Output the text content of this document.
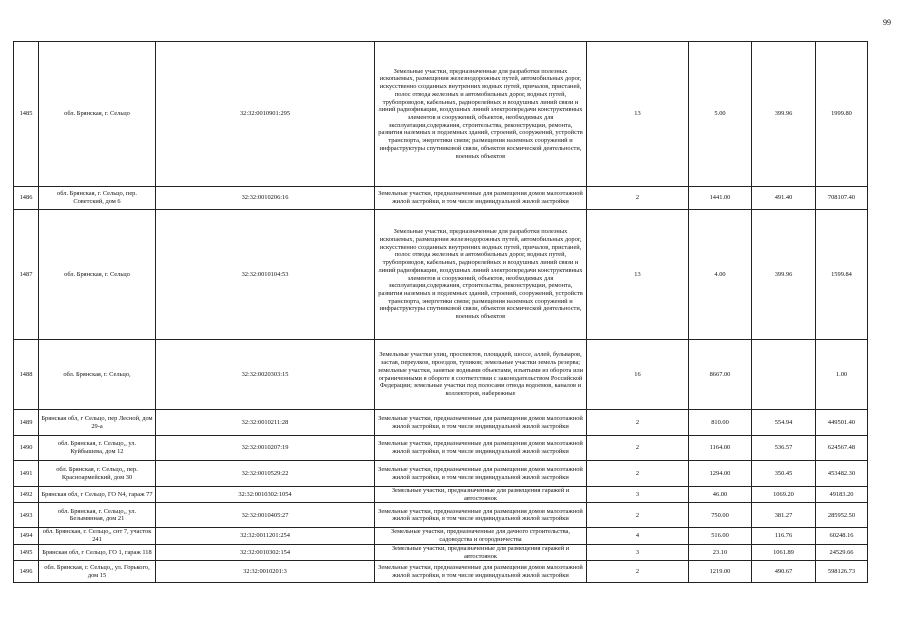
99
1485	обл. Брянская, г. Сельцо	32:32:0010901:295	Земельные участки, предназначенные для разработки полезных ископаемых, размещения железнодорожных путей, автомобильных дорог, искусственно созданных внутренних водных путей, причалов, пристаней, полос отвода железных и автомобильных дорог, водных путей, трубопроводов, кабельных, радиорелейных и воздушных линий связи и линий радиофикации, воздушных линий электропередачи конструктивных элементов и сооружений, объектов, необходимых для эксплуатации,содержания, строительства, реконструкции, ремонта, развития наземных и подземных зданий, строений, сооружений, устройств транспорта, энергетики связи; размещения наземных сооружений и инфраструктуры спутниковой связи, объектов космической деятельности, военных объектов	13	5.00	399.96	1999.80
1486	обл. Брянская, г. Сельцо, пер. Советский, дом 6	32:32:0010206:16	Земельные участки, предназначенные для размещения домов малоэтажной жилой застройки, в том числе индивидуальной жилой застройки	2	1441.00	491.40	708107.40
1487	обл. Брянская, г. Сельцо	32:32:0010104:53	Земельные участки, предназначенные для разработки полезных ископаемых, размещения железнодорожных путей, автомобильных дорог, искусственно созданных внутренних водных путей, причалов, пристаней, полос отвода железных и автомобильных дорог, водных путей, трубопроводов, кабельных, радиорелейных и воздушных линий связи и линий радиофикации, воздушных линий электропередачи конструктивных элементов и сооружений, объектов, необходимых для эксплуатации,содержания, строительства, реконструкции, ремонта, развития наземных и подземных зданий, строений, сооружений, устройств транспорта, энергетики связи; размещения наземных сооружений и инфраструктуры спутниковой связи, объектов космической деятельности, военных объектов	13	4.00	399.96	1599.84
1488	обл. Брянская, г. Сельцо,	32:32:0020303:15	Земельные участки улиц, проспектов, площадей, шоссе, аллей, бульваров, застав, переулков, проездов, тупиков; земельные участки земель резерва; земельные участки, занятые водными объектами, изъятыми из оборота или ограниченными в обороте в соответствии с законодательством Российской Федерации; земельные участки под полосами отвода водоемов, каналов и коллекторов, набережные	16	8667.00		1.00
1489	Брянская обл, г Сельцо, пер Лесной, дом 29-а	32:32:0010211:28	Земельные участки, предназначенные для размещения домов малоэтажной жилой застройки, в том числе индивидуальной жилой застройки	2	810.00	554.94	449501.40
1490	обл. Брянская, г. Сельцо,, ул. Куйбышева, дом 12	32:32:0010207:19	Земельные участки, предназначенные для размещения домов малоэтажной жилой застройки, в том числе индивидуальной жилой застройки	2	1164.00	536.57	624567.48
1491	обл. Брянская, г. Сельцо,, пер. Красноармейский, дом 30	32:32:0010529:22	Земельные участки, предназначенные для размещения домов малоэтажной жилой застройки, в том числе индивидуальной жилой застройки	2	1294.00	350.45	453482.30
1492	Брянская обл, г Сельцо, ГО N4, гараж 77	32:32:0010302:1054	Земельные участки, предназначенные для размещения гаражей и автостоянок	3	46.00	1069.20	49183.20
1493	обл. Брянская, г. Сельцо,, ул. Безымянная, дом 21	32:32:0010405:27	Земельные участки, предназначенные для размещения домов малоэтажной жилой застройки, в том числе индивидуальной жилой застройки	2	750.00	381.27	285952.50
1494	обл. Брянская, г. Сельцо,, снт 7, участок 241	32:32:0011201:254	Земельные участки, предназначенные для дачного строительства, садоводства и огородничества	4	516.00	116.76	60248.16
1495	Брянская обл, г Сельцо, ГО 1, гараж 118	32:32:0010302:154	Земельные участки, предназначенные для размещения гаражей и автостоянок	3	23.10	1061.89	24529.66
1496	обл. Брянская, г. Сельцо,, ул. Горького, дом 15	32:32:0010201:3	Земельные участки, предназначенные для размещения домов малоэтажной жилой застройки, в том числе индивидуальной жилой застройки	2	1219.00	490.67	598126.73
